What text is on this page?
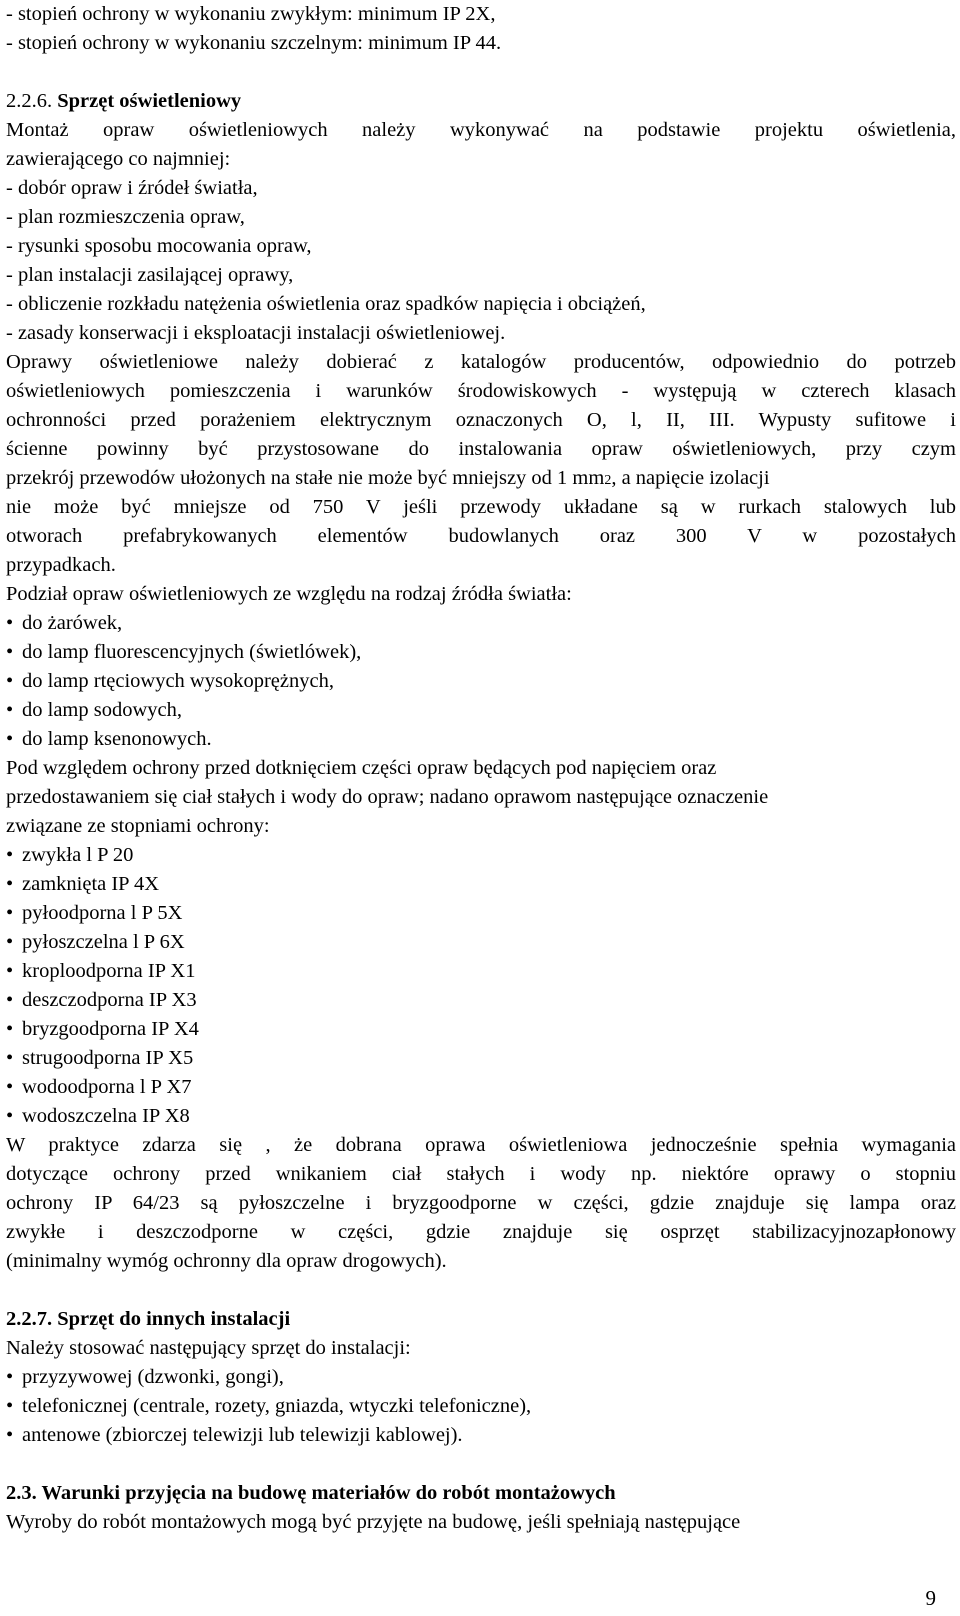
- stopień ochrony w wykonaniu zwykłym: minimum IP 2X,
- stopień ochrony w wykonaniu szczelnym: minimum IP 44.
2.2.6. Sprzęt oświetleniowy
Montaż opraw oświetleniowych należy wykonywać na podstawie projektu oświetlenia,
zawierającego co najmniej:
- dobór opraw i źródeł światła,
- plan rozmieszczenia opraw,
- rysunki sposobu mocowania opraw,
- plan instalacji zasilającej oprawy,
- obliczenie rozkładu natężenia oświetlenia oraz spadków napięcia i obciążeń,
- zasady konserwacji i eksploatacji instalacji oświetleniowej.
Oprawy oświetleniowe należy dobierać z katalogów producentów, odpowiednio do potrzeb
oświetleniowych pomieszczenia i warunków środowiskowych - występują w czterech klasach
ochronności przed porażeniem elektrycznym oznaczonych O, l, II, III. Wypusty sufitowe i
ścienne powinny być przystosowane do instalowania opraw oświetleniowych, przy czym
przekrój przewodów ułożonych na stałe nie może być mniejszy od 1 mm2, a napięcie izolacji
nie może być mniejsze od 750 V jeśli przewody układane są w rurkach stalowych lub
otworach prefabrykowanych elementów budowlanych oraz 300 V w pozostałych
przypadkach.
Podział opraw oświetleniowych ze względu na rodzaj źródła światła:
• do żarówek,
• do lamp fluorescencyjnych (świetlówek),
• do lamp rtęciowych wysokoprężnych,
• do lamp sodowych,
• do lamp ksenonowych.
Pod względem ochrony przed dotknięciem części opraw będących pod napięciem oraz
przedostawaniem się ciał stałych i wody do opraw; nadano oprawom następujące oznaczenie
związane ze stopniami ochrony:
• zwykła l P 20
• zamknięta IP 4X
• pyłoodporna l P 5X
• pyłoszczelna l P 6X
• kroploodporna IP X1
• deszczodporna IP X3
• bryzgoodporna IP X4
• strugoodporna IP X5
• wodoodporna l P X7
• wodoszczelna IP X8
W praktyce zdarza się , że dobrana oprawa oświetleniowa jednocześnie spełnia wymagania
dotyczące ochrony przed wnikaniem ciał stałych i wody np. niektóre oprawy o stopniu
ochrony IP 64/23 są pyłoszczelne i bryzgoodporne w części, gdzie znajduje się lampa oraz
zwykłe i deszczodporne w części, gdzie znajduje się osprzęt stabilizacyjnozapłonowy
(minimalny wymóg ochronny dla opraw drogowych).
2.2.7. Sprzęt do innych instalacji
Należy stosować następujący sprzęt do instalacji:
• przyzywowej (dzwonki, gongi),
• telefonicznej (centrale, rozety, gniazda, wtyczki telefoniczne),
• antenowe (zbiorczej telewizji lub telewizji kablowej).
2.3. Warunki przyjęcia na budowę materiałów do robót montażowych
Wyroby do robót montażowych mogą być przyjęte na budowę, jeśli spełniają następujące
9
